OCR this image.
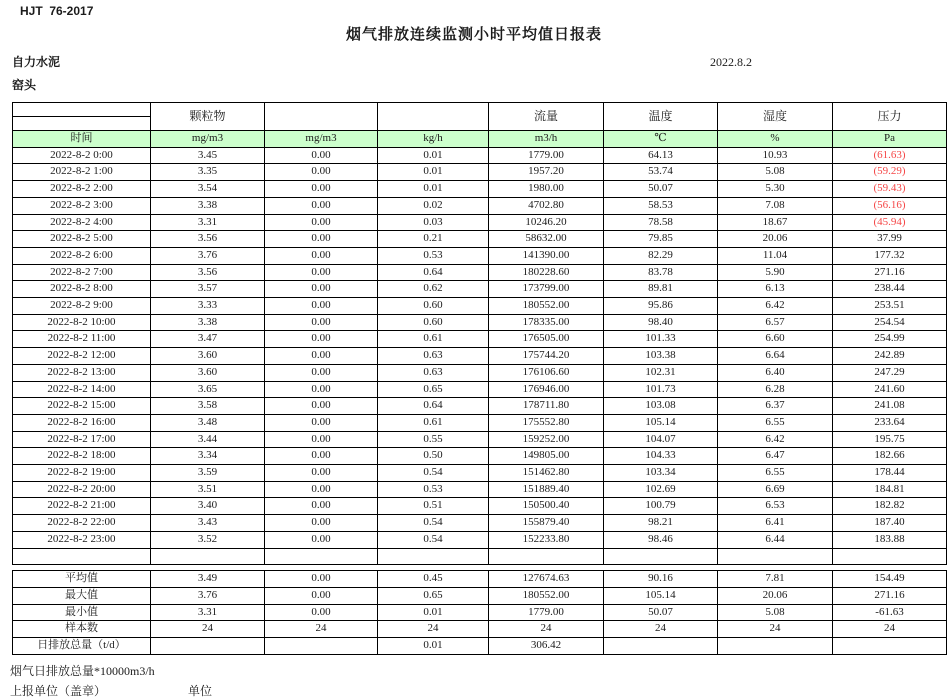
HJT  76-2017
烟气排放连续监测小时平均值日报表
自力水泥	2022.8.2
窑头
	颗粒物			流量	温度	湿度	压力

时间	mg/m3	mg/m3	kg/h	m3/h	℃	%	Pa
2022-8-2 0:00	3.45	0.00	0.01	1779.00	64.13	10.93	(61.63)
2022-8-2 1:00	3.35	0.00	0.01	1957.20	53.74	5.08	(59.29)
2022-8-2 2:00	3.54	0.00	0.01	1980.00	50.07	5.30	(59.43)
2022-8-2 3:00	3.38	0.00	0.02	4702.80	58.53	7.08	(56.16)
2022-8-2 4:00	3.31	0.00	0.03	10246.20	78.58	18.67	(45.94)
2022-8-2 5:00	3.56	0.00	0.21	58632.00	79.85	20.06	37.99
2022-8-2 6:00	3.76	0.00	0.53	141390.00	82.29	11.04	177.32
2022-8-2 7:00	3.56	0.00	0.64	180228.60	83.78	5.90	271.16
2022-8-2 8:00	3.57	0.00	0.62	173799.00	89.81	6.13	238.44
2022-8-2 9:00	3.33	0.00	0.60	180552.00	95.86	6.42	253.51
2022-8-2 10:00	3.38	0.00	0.60	178335.00	98.40	6.57	254.54
2022-8-2 11:00	3.47	0.00	0.61	176505.00	101.33	6.60	254.99
2022-8-2 12:00	3.60	0.00	0.63	175744.20	103.38	6.64	242.89
2022-8-2 13:00	3.60	0.00	0.63	176106.60	102.31	6.40	247.29
2022-8-2 14:00	3.65	0.00	0.65	176946.00	101.73	6.28	241.60
2022-8-2 15:00	3.58	0.00	0.64	178711.80	103.08	6.37	241.08
2022-8-2 16:00	3.48	0.00	0.61	175552.80	105.14	6.55	233.64
2022-8-2 17:00	3.44	0.00	0.55	159252.00	104.07	6.42	195.75
2022-8-2 18:00	3.34	0.00	0.50	149805.00	104.33	6.47	182.66
2022-8-2 19:00	3.59	0.00	0.54	151462.80	103.34	6.55	178.44
2022-8-2 20:00	3.51	0.00	0.53	151889.40	102.69	6.69	184.81
2022-8-2 21:00	3.40	0.00	0.51	150500.40	100.79	6.53	182.82
2022-8-2 22:00	3.43	0.00	0.54	155879.40	98.21	6.41	187.40
2022-8-2 23:00	3.52	0.00	0.54	152233.80	98.46	6.44	183.88

平均值	3.49	0.00	0.45	127674.63	90.16	7.81	154.49
最大值	3.76	0.00	0.65	180552.00	105.14	20.06	271.16
最小值	3.31	0.00	0.01	1779.00	50.07	5.08	-61.63
样本数	24	24	24	24	24	24	24
日排放总量（t/d）			0.01	306.42			
烟气日排放总量*10000m3/h
上报单位（盖章）	单位
